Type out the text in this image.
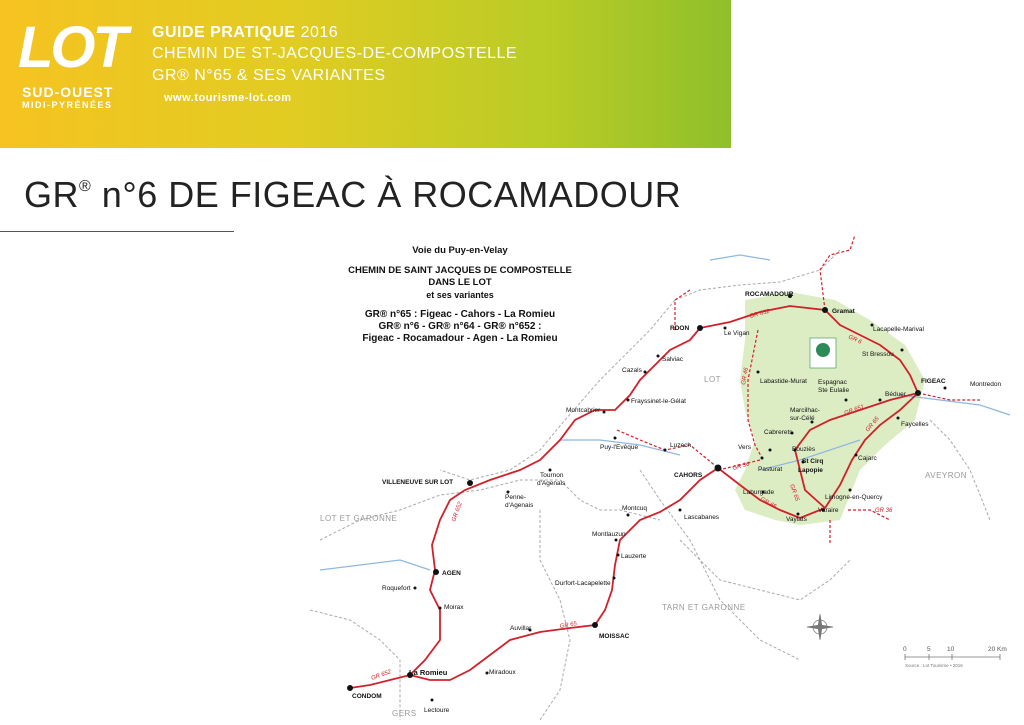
LOT
SUD-OUEST
MIDI-PYRÉNÉES
GUIDE PRATIQUE 2016
CHEMIN DE ST-JACQUES-DE-COMPOSTELLE
GR® N°65 & SES VARIANTES
www.tourisme-lot.com
GR® n°6 DE FIGEAC À ROCAMADOUR
Voie du Puy-en-Velay
CHEMIN DE SAINT JACQUES DE COMPOSTELLE
DANS LE LOT
et ses variantes
GR® n°65 : Figeac - Cahors - La Romieu
GR® n°6 - GR® n°64 - GR® n°652 :
Figeac - Rocamadour - Agen - La Romieu	GR 6
GR 651
GR 65
GR 65
GR 65
GR 65
GR 652
GR 652
GR 652
GR 46
GR 36
GR 36
LOT
AVEYRON
LOT ET GARONNE
TARN ET GARONNE
GERS
ROCAMADOUR
Gramat
Lacapelle-Marival
St Bressou
FIGEAC	Montredon
Faycelles
Béduer
Espagnac
Ste Eulalie
Marcilhac-
sur-Célé
Cabrerets
Bouziès
St Cirq
Lapopie
Cajarc
Limogne-en-Quercy
Varaire
Vaylats
Laburgade
Vers
Pasturat
Labastide-Murat
Le Vigan
RDON
Salviac
Cazals
Frayssinet-le-Gélat
Montcabrier
Puy-l'Evêque	Luzech
CAHORS
Tournon
d'Agenais
VILLENEUVE SUR LOT
Penne-
d'Agenais	Montcuq
Lascabanes
Montlauzun
Lauzerte
Durfort-Lacapelette
MOISSAC
Auvillar
AGEN
Roquefort
Moirax
La Romieu	Miradoux
CONDOM
Lectoure
0	5	10	20 Km
Source : Lot Tourisme • 2016
